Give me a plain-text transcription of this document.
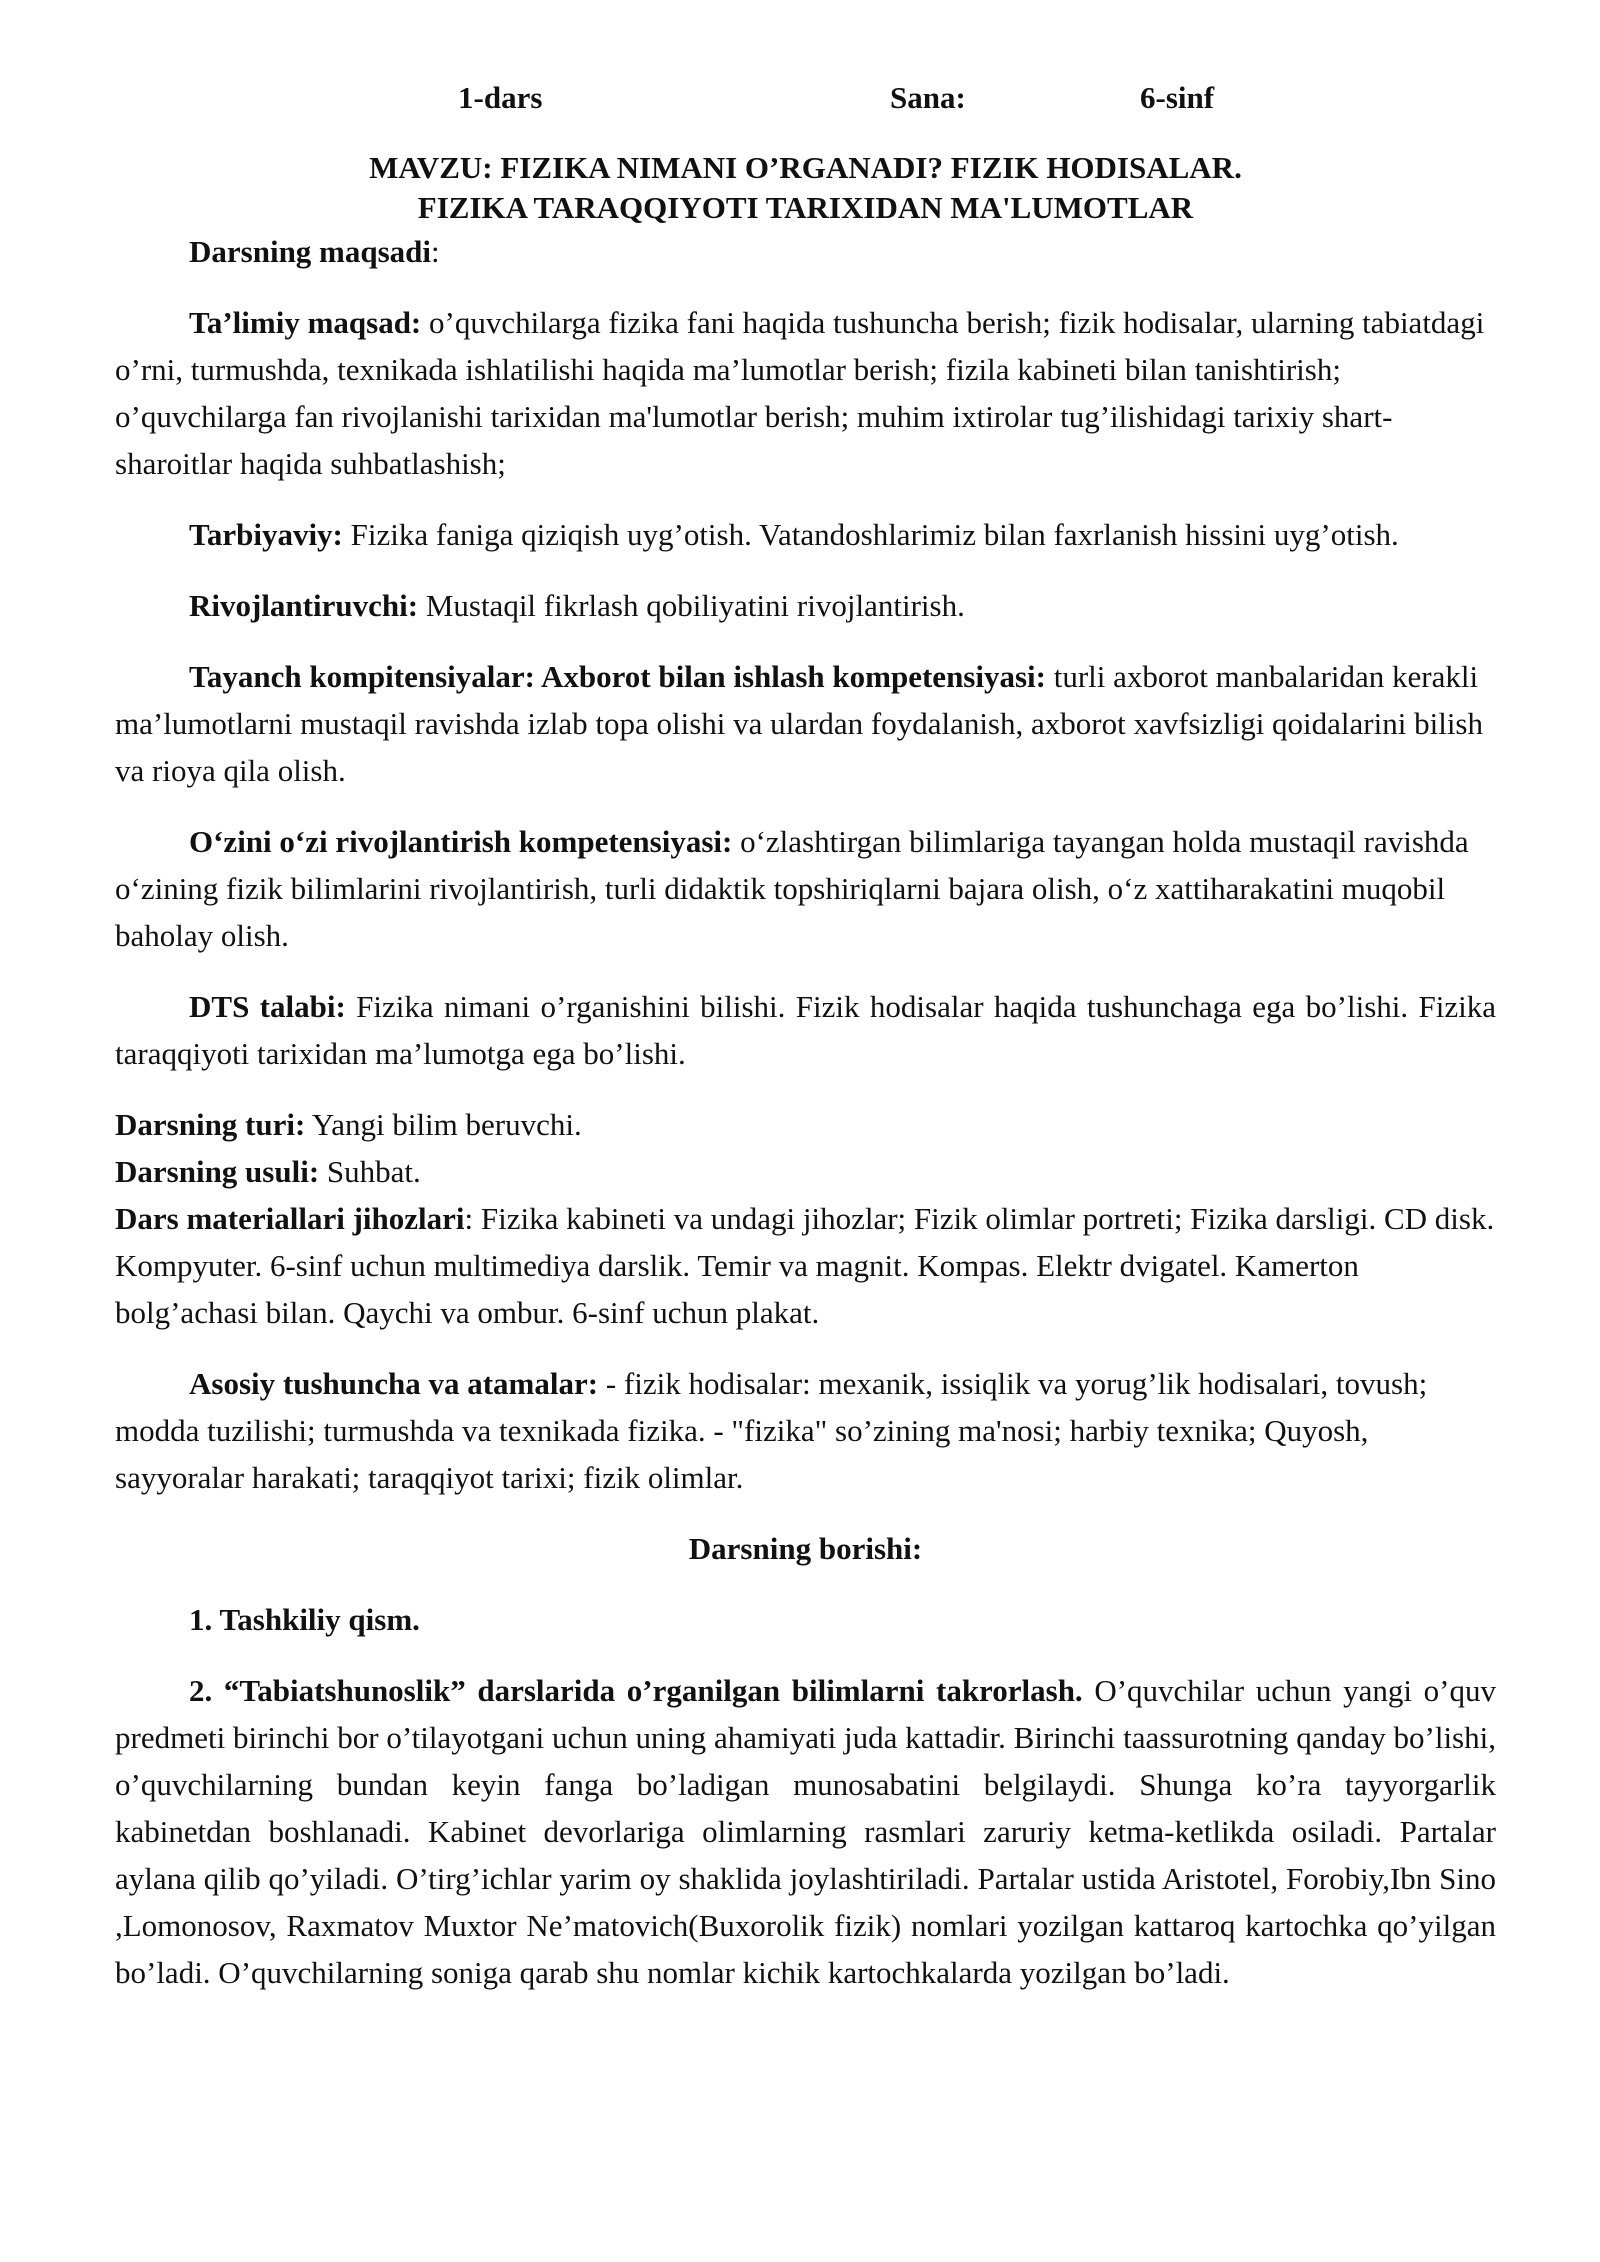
1-dars	Sana:	6-sinf
MAVZU: FIZIKA NIMANI O’RGANADI? FIZIK HODISALAR.
FIZIKA TARAQQIYOTI TARIXIDAN MA'LUMOTLAR

Darsning maqsadi:

Ta’limiy maqsad: o’quvchilarga fizika fani haqida tushuncha berish; fizik hodisalar, ularning tabiatdagi o’rni, turmushda, texnikada ishlatilishi haqida ma’lumotlar berish; fizila kabineti bilan tanishtirish; o’quvchilarga fan rivojlanishi tarixidan ma'lumotlar berish; muhim ixtirolar tug’ilishidagi tarixiy shart-sharoitlar haqida suhbatlashish;

Tarbiyaviy: Fizika faniga qiziqish uyg’otish. Vatandoshlarimiz bilan faxrlanish hissini uyg’otish.

Rivojlantiruvchi: Mustaqil fikrlash qobiliyatini rivojlantirish.

Tayanch kompitensiyalar: Axborot bilan ishlash kompetensiyasi: turli axborot manbalaridan kerakli ma’lumotlarni mustaqil ravishda izlab topa olishi va ulardan foydalanish, axborot xavfsizligi qoidalarini bilish va rioya qila olish.

O‘zini o‘zi rivojlantirish kompetensiyasi: o‘zlashtirgan bilimlariga tayangan holda mustaqil ravishda o‘zining fizik bilimlarini rivojlantirish, turli didaktik topshiriqlarni bajara olish, o‘z xattiharakatini muqobil baholay olish.

DTS talabi: Fizika nimani o’rganishini bilishi. Fizik hodisalar haqida tushunchaga ega bo’lishi. Fizika taraqqiyoti tarixidan ma’lumotga ega bo’lishi.

Darsning turi: Yangi bilim beruvchi.

Darsning usuli: Suhbat.

Dars materiallari jihozlari: Fizika kabineti va undagi jihozlar; Fizik olimlar portreti; Fizika darsligi. CD disk. Kompyuter. 6-sinf uchun multimediya darslik. Temir va magnit. Kompas. Elektr dvigatel. Kamerton bolg’achasi bilan. Qaychi va ombur. 6-sinf uchun plakat.

Asosiy tushuncha va atamalar: - fizik hodisalar: mexanik, issiqlik va yorug’lik hodisalari, tovush; modda tuzilishi; turmushda va texnikada fizika. - "fizika" so’zining ma'nosi; harbiy texnika; Quyosh, sayyoralar harakati; taraqqiyot tarixi; fizik olimlar.

Darsning borishi:

1. Tashkiliy qism.

2. “Tabiatshunoslik” darslarida o’rganilgan bilimlarni takrorlash. O’quvchilar uchun yangi o’quv predmeti birinchi bor o’tilayotgani uchun uning ahamiyati juda kattadir. Birinchi taassurotning qanday bo’lishi, o’quvchilarning bundan keyin fanga bo’ladigan munosabatini belgilaydi. Shunga ko’ra tayyorgarlik kabinetdan boshlanadi. Kabinet devorlariga olimlarning rasmlari zaruriy ketma-ketlikda osiladi. Partalar aylana qilib qo’yiladi. O’tirg’ichlar yarim oy shaklida joylashtiriladi. Partalar ustida Aristotel, Forobiy,Ibn Sino ,Lomonosov, Raxmatov Muxtor Ne’matovich(Buxorolik fizik) nomlari yozilgan kattaroq kartochka qo’yilgan bo’ladi. O’quvchilarning soniga qarab shu nomlar kichik kartochkalarda yozilgan bo’ladi.
